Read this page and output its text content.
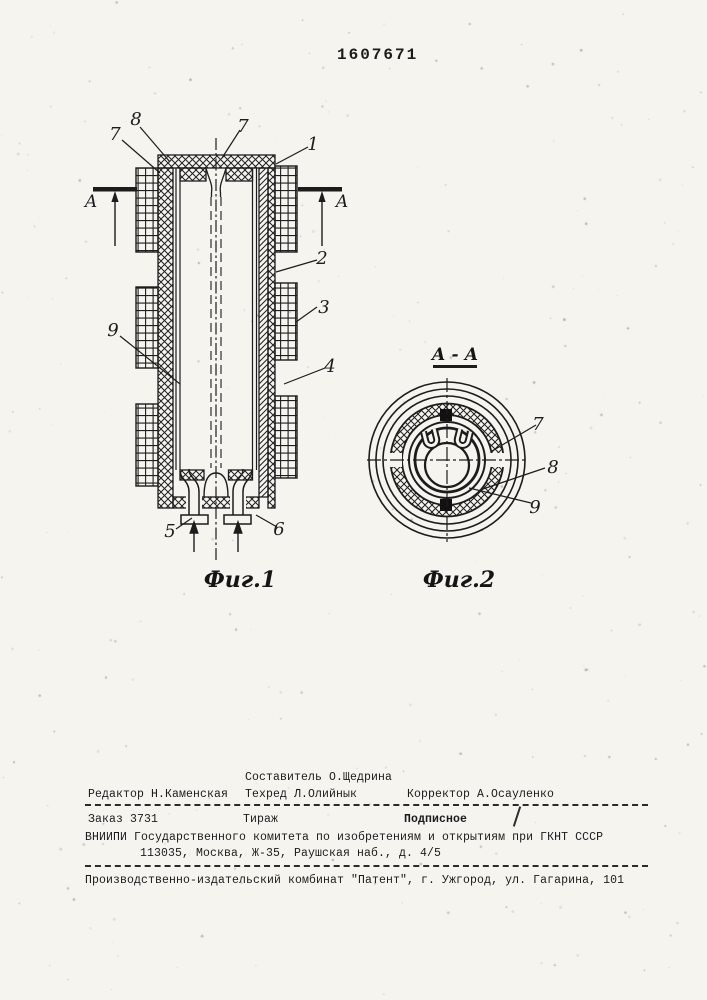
1607671
А	А
7
8	7
1
2
3
9
4
5	6
Фиг.1
А - А
7
8
9
Фиг.2
Составитель О.Щедрина
Редактор Н.Каменская Техред Л.Олийнык	Корректор А.Осауленко
Заказ 3731	Тираж	Подписное
ВНИИПИ Государственного комитета по изобретениям и открытиям при ГКНТ СССР
113035, Москва, Ж-35, Раушская наб., д. 4/5
Производственно-издательский комбинат "Патент", г. Ужгород, ул. Гагарина, 101
